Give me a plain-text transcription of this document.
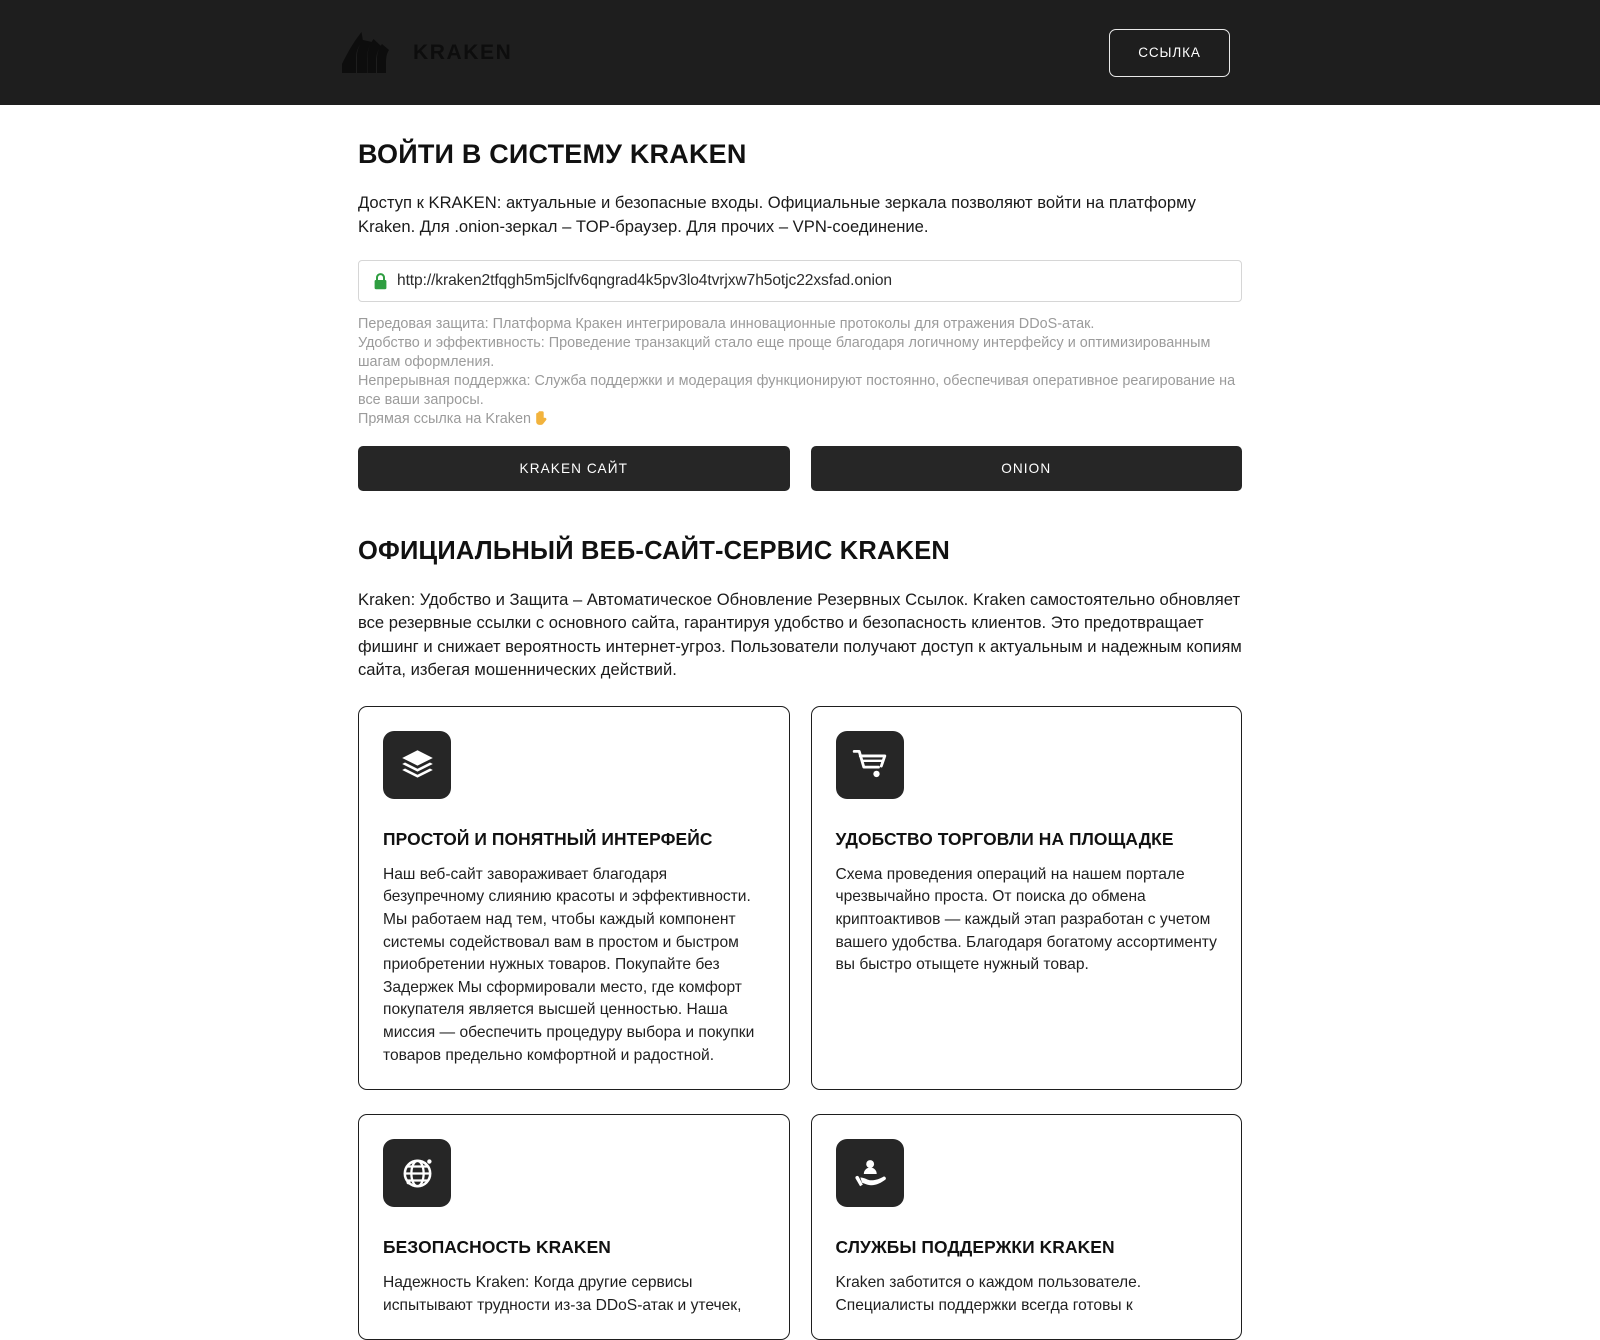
KRAKEN	ССЫЛКА
ВОЙТИ В СИСТЕМУ KRAKEN

Доступ к KRAKEN: актуальные и безопасные входы. Официальные зеркала позволяют войти на платформу Kraken. Для .onion-зеркал – TOP-браузер. Для прочих – VPN-соединение.

http://kraken2tfqgh5m5jclfv6qngrad4k5pv3lo4tvrjxw7h5otjc22xsfad.onion
Передовая защита: Платформа Кракен интегрировала инновационные протоколы для отражения DDoS-атак.
Удобство и эффективность: Проведение транзакций стало еще проще благодаря логичному интерфейсу и оптимизированным шагам оформления.
Непрерывная поддержка: Служба поддержки и модерация функционируют постоянно, обеспечивая оперативное реагирование на все ваши запросы.
Прямая ссылка на Kraken
KRAKEN САЙТ	ONION
ОФИЦИАЛЬНЫЙ ВЕБ-САЙТ-СЕРВИС KRAKEN

Kraken: Удобство и Защита – Автоматическое Обновление Резервных Ссылок. Kraken самостоятельно обновляет все резервные ссылки с основного сайта, гарантируя удобство и безопасность клиентов. Это предотвращает фишинг и снижает вероятность интернет-угроз. Пользователи получают доступ к актуальным и надежным копиям сайта, избегая мошеннических действий.

ПРОСТОЙ И ПОНЯТНЫЙ ИНТЕРФЕЙС

Наш веб-сайт завораживает благодаря безупречному слиянию красоты и эффективности. Мы работаем над тем, чтобы каждый компонент системы содействовал вам в простом и быстром приобретении нужных товаров. Покупайте без Задержек Мы сформировали место, где комфорт покупателя является высшей ценностью. Наша миссия — обеспечить процедуру выбора и покупки товаров предельно комфортной и радостной.

УДОБСТВО ТОРГОВЛИ НА ПЛОЩАДКЕ

Схема проведения операций на нашем портале чрезвычайно проста. От поиска до обмена криптоактивов — каждый этап разработан с учетом вашего удобства. Благодаря богатому ассортименту вы быстро отыщете нужный товар.

БЕЗОПАСНОСТЬ KRAKEN

Надежность Kraken: Когда другие сервисы испытывают трудности из-за DDoS-атак и утечек,

СЛУЖБЫ ПОДДЕРЖКИ KRAKEN

Kraken заботится о каждом пользователе. Специалисты поддержки всегда готовы к
